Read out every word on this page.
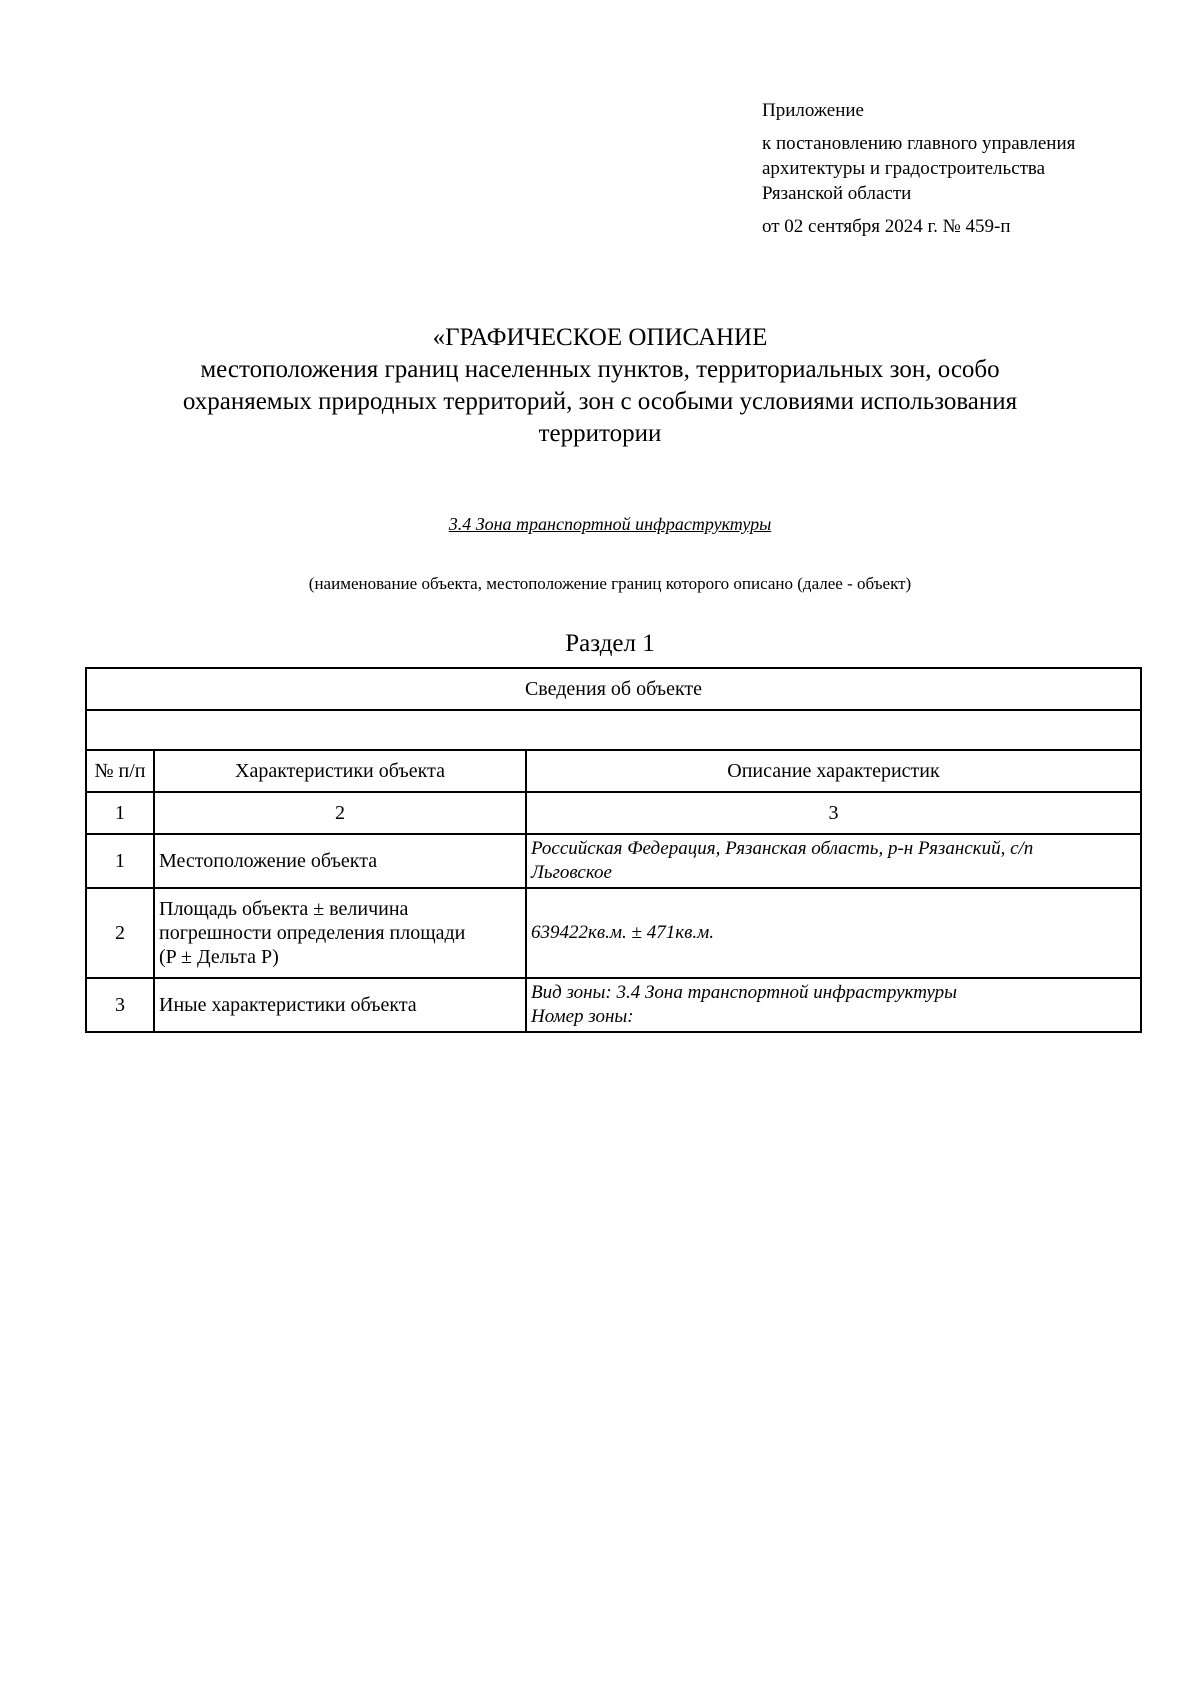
Приложение
к постановлению главного управления
архитектуры и градостроительства
Рязанской области
от 02 сентября 2024 г. № 459-п
«ГРАФИЧЕСКОЕ ОПИСАНИЕ
местоположения границ населенных пунктов, территориальных зон, особо
охраняемых природных территорий, зон с особыми условиями использования
территории
3.4 Зона транспортной инфраструктуры
(наименование объекта, местоположение границ которого описано (далее - объект)
Раздел 1
Сведения об объекте		

№ п/п	Характеристики объекта	Описание характеристик
1	2	3
1	Местоположение объекта	Российская Федерация, Рязанская область, р-н Рязанский, с/п
Льговское

2	Площадь объекта ± величина
погрешности определения площади
(P ± Дельта P)	639422кв.м. ± 471кв.м.
3	Иные характеристики объекта	Вид зоны: 3.4 Зона транспортной инфраструктуры
Номер зоны:
